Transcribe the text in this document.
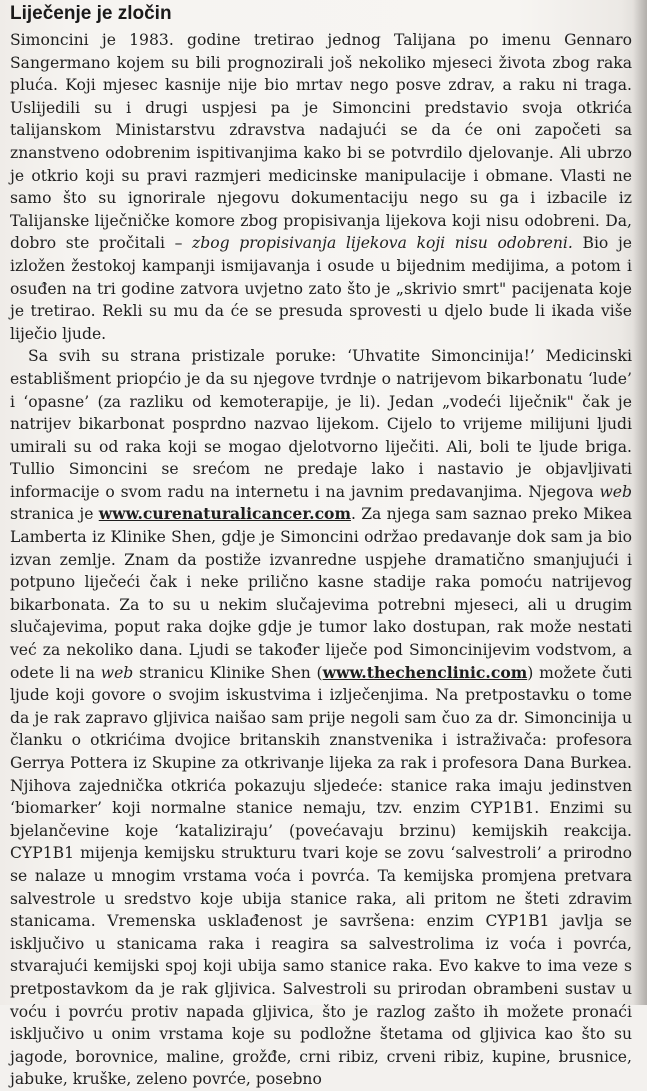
Liječenje je zločin

Simoncini je 1983. godine tretirao jednog Talijana po imenu Gennaro Sangermano kojem su bili prognozirali još nekoliko mjeseci života zbog raka pluća. Koji mjesec kasnije nije bio mrtav nego posve zdrav, a raku ni traga. Uslijedili su i drugi uspjesi pa je Simoncini predstavio svoja otkrića talijanskom Ministarstvu zdravstva nadajući se da će oni započeti sa znanstveno odobrenim ispitivanjima kako bi se potvrdilo djelovanje. Ali ubrzo je otkrio koji su pravi razmjeri medicinske manipulacije i obmane. Vlasti ne samo što su ignorirale njegovu dokumentaciju nego su ga i izbacile iz Talijanske liječničke komore zbog propisivanja lijekova koji nisu odobreni. Da, dobro ste pročitali – zbog propisivanja lijekova koji nisu odobreni. Bio je izložen žestokoj kampanji ismijavanja i osude u bijednim medijima, a potom i osuđen na tri godine zatvora uvjetno zato što je „skrivio smrt" pacijenata koje je tretirao. Rekli su mu da će se presuda sprovesti u djelo bude li ikada više liječio ljude.

Sa svih su strana pristizale poruke: ‘Uhvatite Simoncinija!’ Medicinski establišment priopćio je da su njegove tvrdnje o natrijevom bikarbonatu ‘lude’ i ‘opasne’ (za razliku od kemoterapije, je li). Jedan „vodeći liječnik" čak je natrijev bikarbonat posprdno nazvao lijekom. Cijelo to vrijeme milijuni ljudi umirali su od raka koji se mogao djelotvorno liječiti. Ali, boli te ljude briga. Tullio Simoncini se srećom ne predaje lako i nastavio je objavljivati informacije o svom radu na internetu i na javnim predavanjima. Njegova web stranica je www.curenaturalicancer.com. Za njega sam saznao preko Mikea Lamberta iz Klinike Shen, gdje je Simoncini održao predavanje dok sam ja bio izvan zemlje. Znam da postiže izvanredne uspjehe dramatično smanjujući i potpuno liječeći čak i neke prilično kasne stadije raka pomoću natrijevog bikarbonata. Za to su u nekim slučajevima potrebni mjeseci, ali u drugim slučajevima, poput raka dojke gdje je tumor lako dostupan, rak može nestati već za nekoliko dana. Ljudi se također liječe pod Simoncinijevim vodstvom, a odete li na web stranicu Klinike Shen (www.thechenclinic.com) možete čuti ljude koji govore o svojim iskustvima i izlječenjima. Na pretpostavku o tome da je rak zapravo gljivica naišao sam prije negoli sam čuo za dr. Simoncinija u članku o otkrićima dvojice britanskih znanstvenika i istraživača: profesora Gerrya Pottera iz Skupine za otkrivanje lijeka za rak i profesora Dana Burkea. Njihova zajednička otkrića pokazuju sljedeće: stanice raka imaju jedinstven ‘biomarker’ koji normalne stanice nemaju, tzv. enzim CYP1B1. Enzimi su bjelančevine koje ‘kataliziraju’ (povećavaju brzinu) kemijskih reakcija. CYP1B1 mijenja kemijsku strukturu tvari koje se zovu ‘salvestroli’ a prirodno se nalaze u mnogim vrstama voća i povrća. Ta kemijska promjena pretvara salvestrole u sredstvo koje ubija stanice raka, ali pritom ne šteti zdravim stanicama. Vremenska usklađenost je savršena: enzim CYP1B1 javlja se isključivo u stanicama raka i reagira sa salvestrolima iz voća i povrća, stvarajući kemijski spoj koji ubija samo stanice raka. Evo kakve to ima veze s pretpostavkom da je rak gljivica. Salvestroli su prirodan obrambeni sustav u voću i povrću protiv napada gljivica, što je razlog zašto ih možete pronaći isključivo u onim vrstama koje su podložne štetama od gljivica kao što su jagode, borovnice, maline, grožđe, crni ribiz, crveni ribiz, kupine, brusnice, jabuke, kruške, zeleno povrće, posebno
